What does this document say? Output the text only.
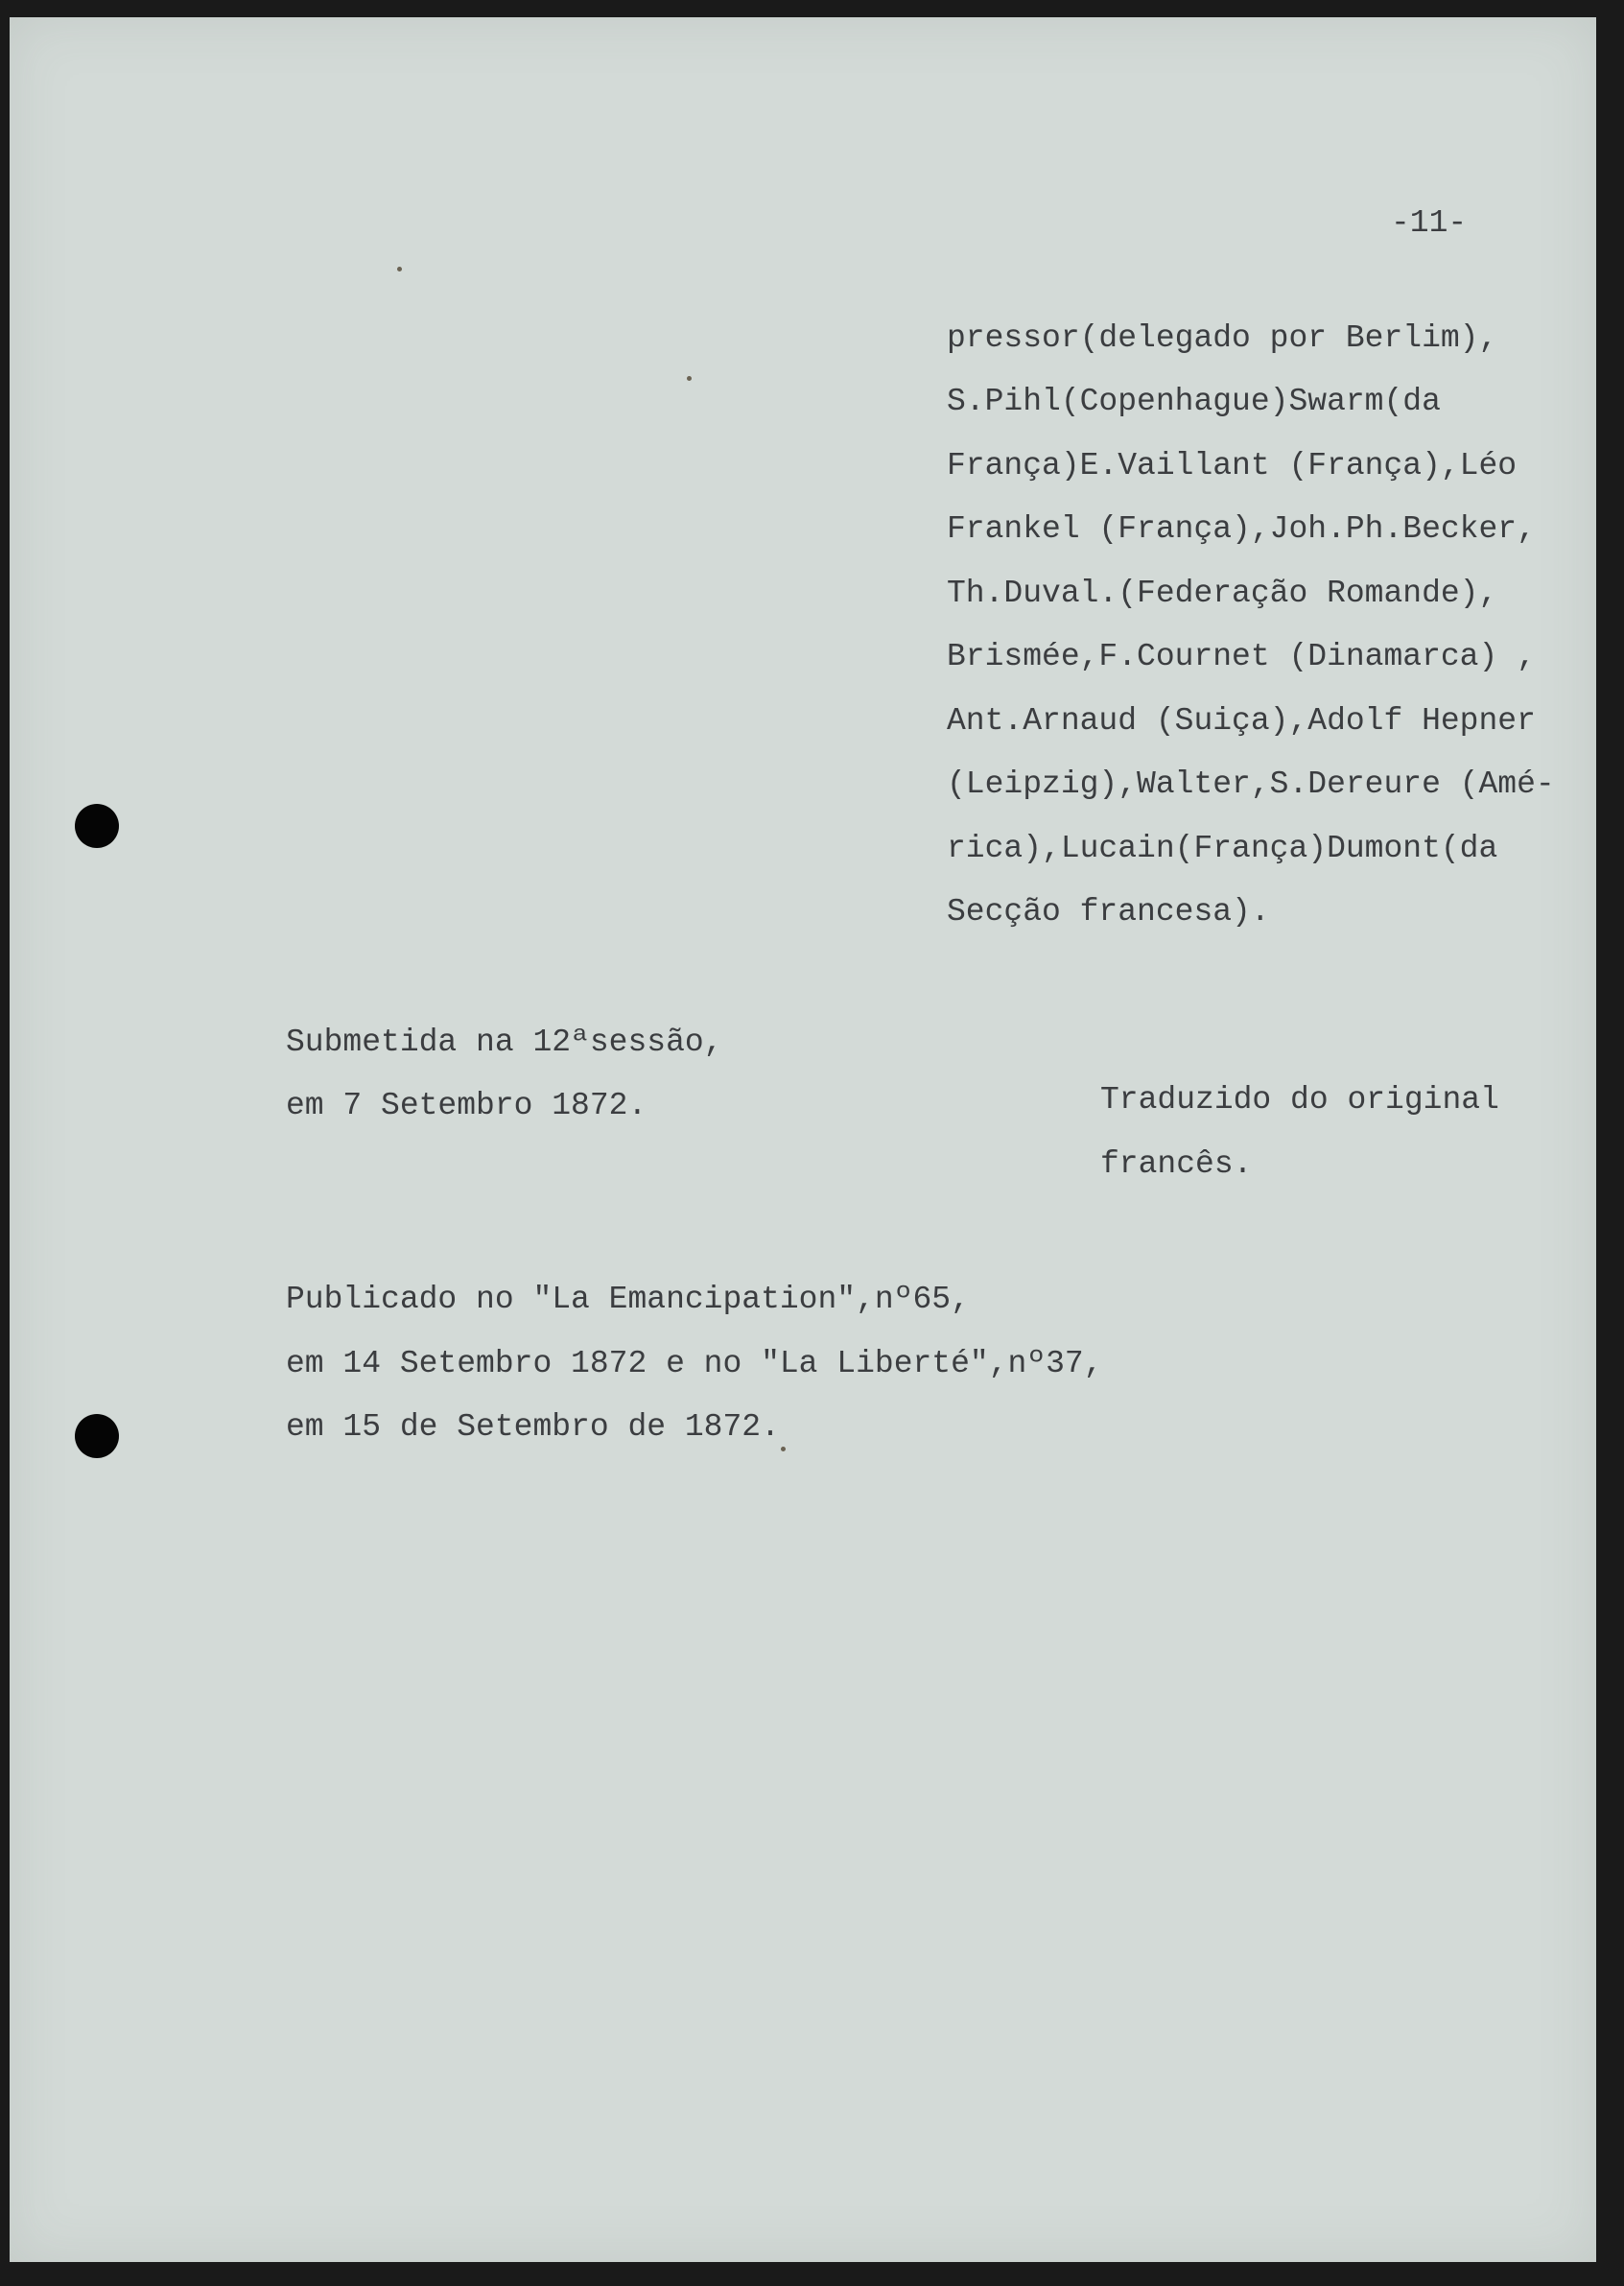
-11-

pressor(delegado por Berlim),

S.Pihl(Copenhague)Swarm(da

França)E.Vaillant (França),Léo

Frankel (França),Joh.Ph.Becker,

Th.Duval.(Federação Romande),

Brismée,F.Cournet (Dinamarca) ,

Ant.Arnaud (Suiça),Adolf Hepner

(Leipzig),Walter,S.Dereure (Amé-

rica),Lucain(França)Dumont(da

Secção francesa).

Submetida na 12ªsessão,

em 7 Setembro 1872.	Traduzido do original

francês.

Publicado no "La Emancipation",nº65,

em 14 Setembro 1872 e no "La Liberté",nº37,

em 15 de Setembro de 1872.
